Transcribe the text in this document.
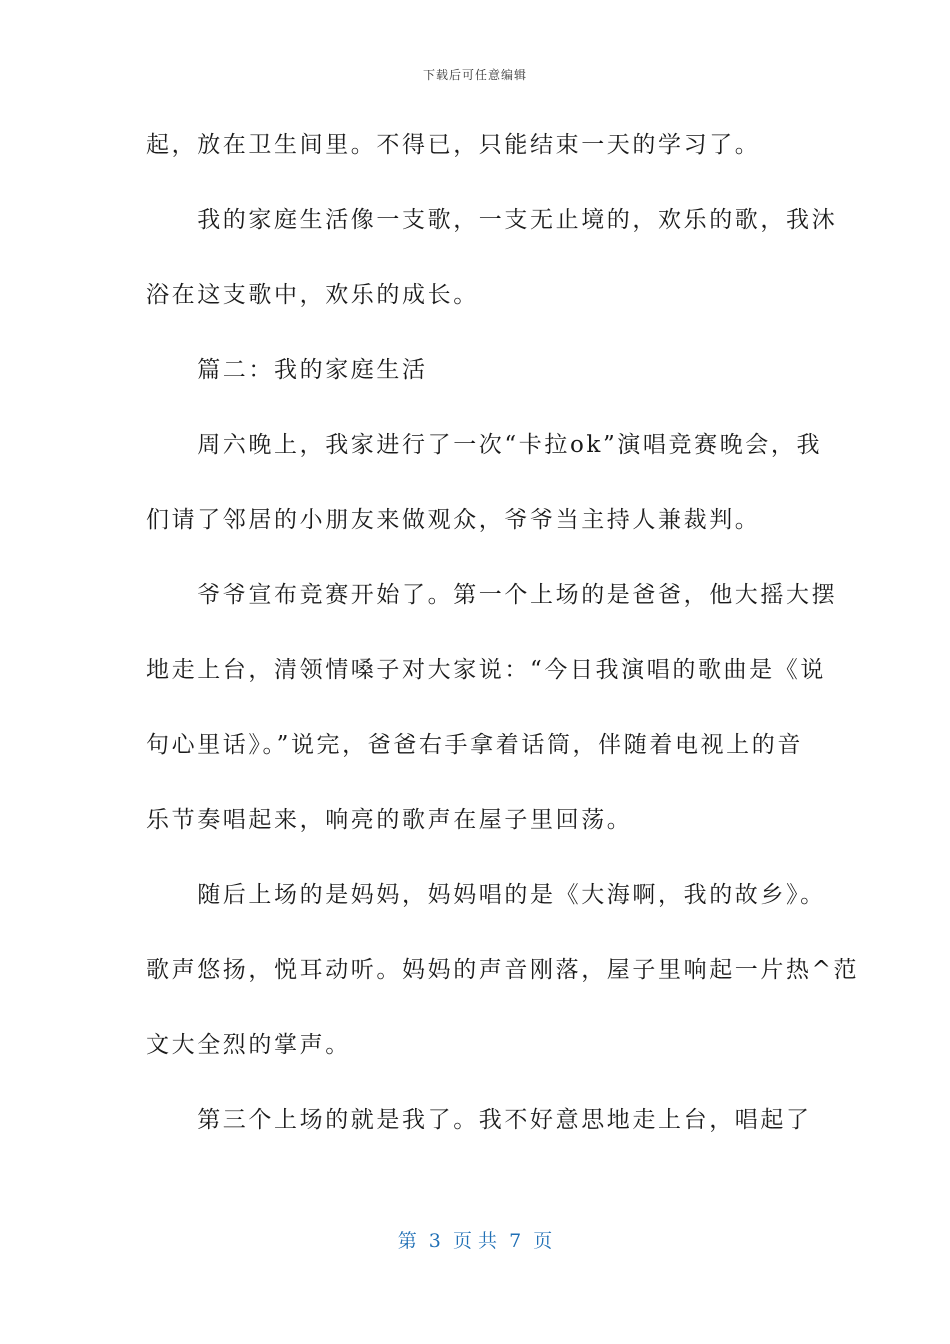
下载后可任意编辑
起，放在卫生间里。不得已，只能结束一天的学习了。
　　我的家庭生活像一支歌，一支无止境的，欢乐的歌，我沐
浴在这支歌中，欢乐的成长。
　　篇二：我的家庭生活
　　周六晚上，我家进行了一次“卡拉ok”演唱竞赛晚会，我
们请了邻居的小朋友来做观众，爷爷当主持人兼裁判。
　　爷爷宣布竞赛开始了。第一个上场的是爸爸，他大摇大摆
地走上台，清领情嗓子对大家说：“今日我演唱的歌曲是《说
句心里话》。”说完，爸爸右手拿着话筒，伴随着电视上的音
乐节奏唱起来，响亮的歌声在屋子里回荡。
　　随后上场的是妈妈，妈妈唱的是《大海啊，我的故乡》。
歌声悠扬，悦耳动听。妈妈的声音刚落，屋子里响起一片热^范
文大全烈的掌声。
　　第三个上场的就是我了。我不好意思地走上台，唱起了
第  3  页 共  7  页
